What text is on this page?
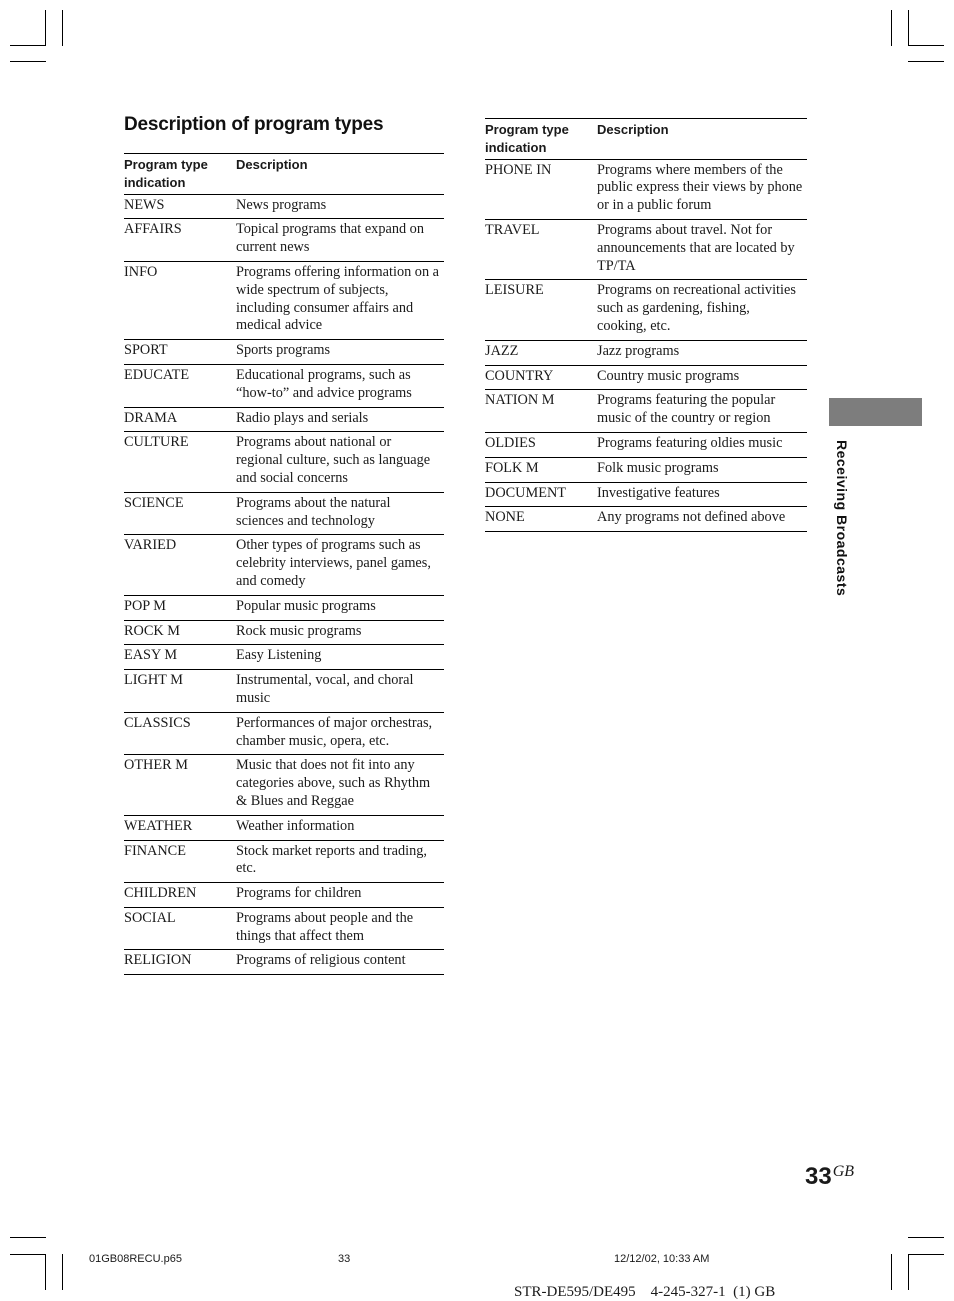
Description of program types
Program type indication	Description
NEWS	News programs
AFFAIRS	Topical programs that expand on current news
INFO	Programs offering information on a wide spectrum of subjects, including consumer affairs and medical advice
SPORT	Sports programs
EDUCATE	Educational programs, such as “how-to” and advice programs
DRAMA	Radio plays and serials
CULTURE	Programs about national or regional culture, such as language and social concerns
SCIENCE	Programs about the natural sciences and technology
VARIED	Other types of programs such as celebrity interviews, panel games, and comedy
POP M	Popular music programs
ROCK M	Rock music programs
EASY M	Easy Listening
LIGHT M	Instrumental, vocal, and choral music
CLASSICS	Performances of major orchestras, chamber music, opera, etc.
OTHER M	Music that does not fit into any categories above, such as Rhythm & Blues and Reggae
WEATHER	Weather information
FINANCE	Stock market reports and trading, etc.
CHILDREN	Programs for children
SOCIAL	Programs about people and the things that affect them
RELIGION	Programs of religious content
Program type indication	Description
PHONE IN	Programs where members of the public express their views by phone or in a public forum
TRAVEL	Programs about travel. Not for announcements that are located by TP/TA
LEISURE	Programs on recreational activities such as gardening, fishing, cooking, etc.
JAZZ	Jazz programs
COUNTRY	Country music programs
NATION M	Programs featuring the popular music of the country or region
OLDIES	Programs featuring oldies music
FOLK M	Folk music programs
DOCUMENT	Investigative features
NONE	Any programs not defined above	Receiving Broadcasts
$33^{GB}$
01GB08RECU.p65	33	12/12/02, 10:33 AM
STR-DE595/DE495    4-245-327-1  (1) GB
